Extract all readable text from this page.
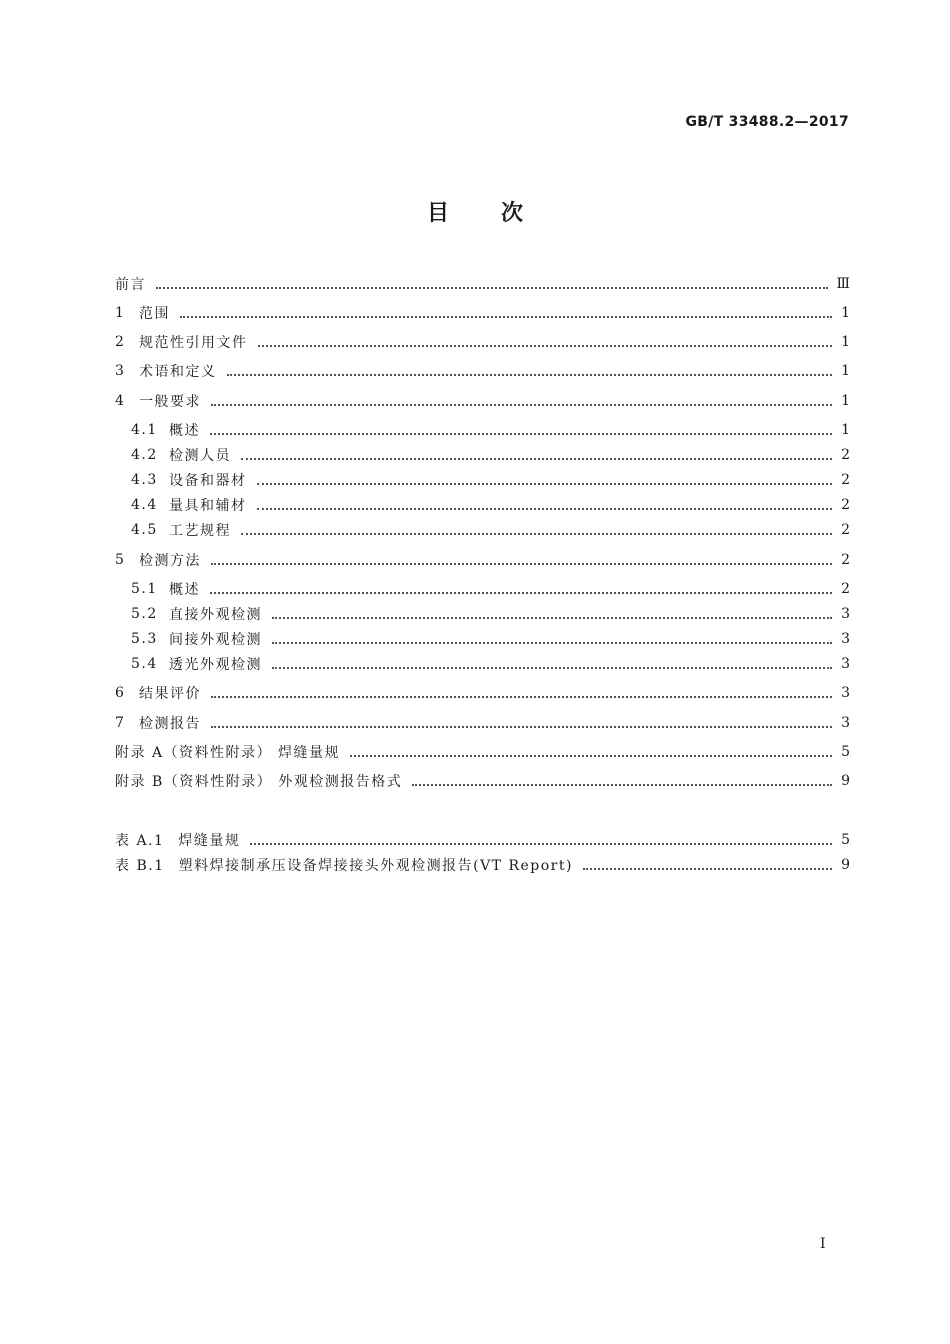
GB/T 33488.2—2017
目次
前言	Ⅲ
1 范围	1
2 规范性引用文件	1
3 术语和定义	1
4 一般要求	1
4.1 概述	1
4.2 检测人员	2
4.3 设备和器材	2
4.4 量具和辅材	2
4.5 工艺规程	2
5 检测方法	2
5.1 概述	2
5.2 直接外观检测	3
5.3 间接外观检测	3
5.4 透光外观检测	3
6 结果评价	3
7 检测报告	3
附录 A（资料性附录） 焊缝量规	5
附录 B（资料性附录） 外观检测报告格式	9
表 A.1 焊缝量规	5
表 B.1 塑料焊接制承压设备焊接接头外观检测报告(VT Report)	9
Ⅰ
